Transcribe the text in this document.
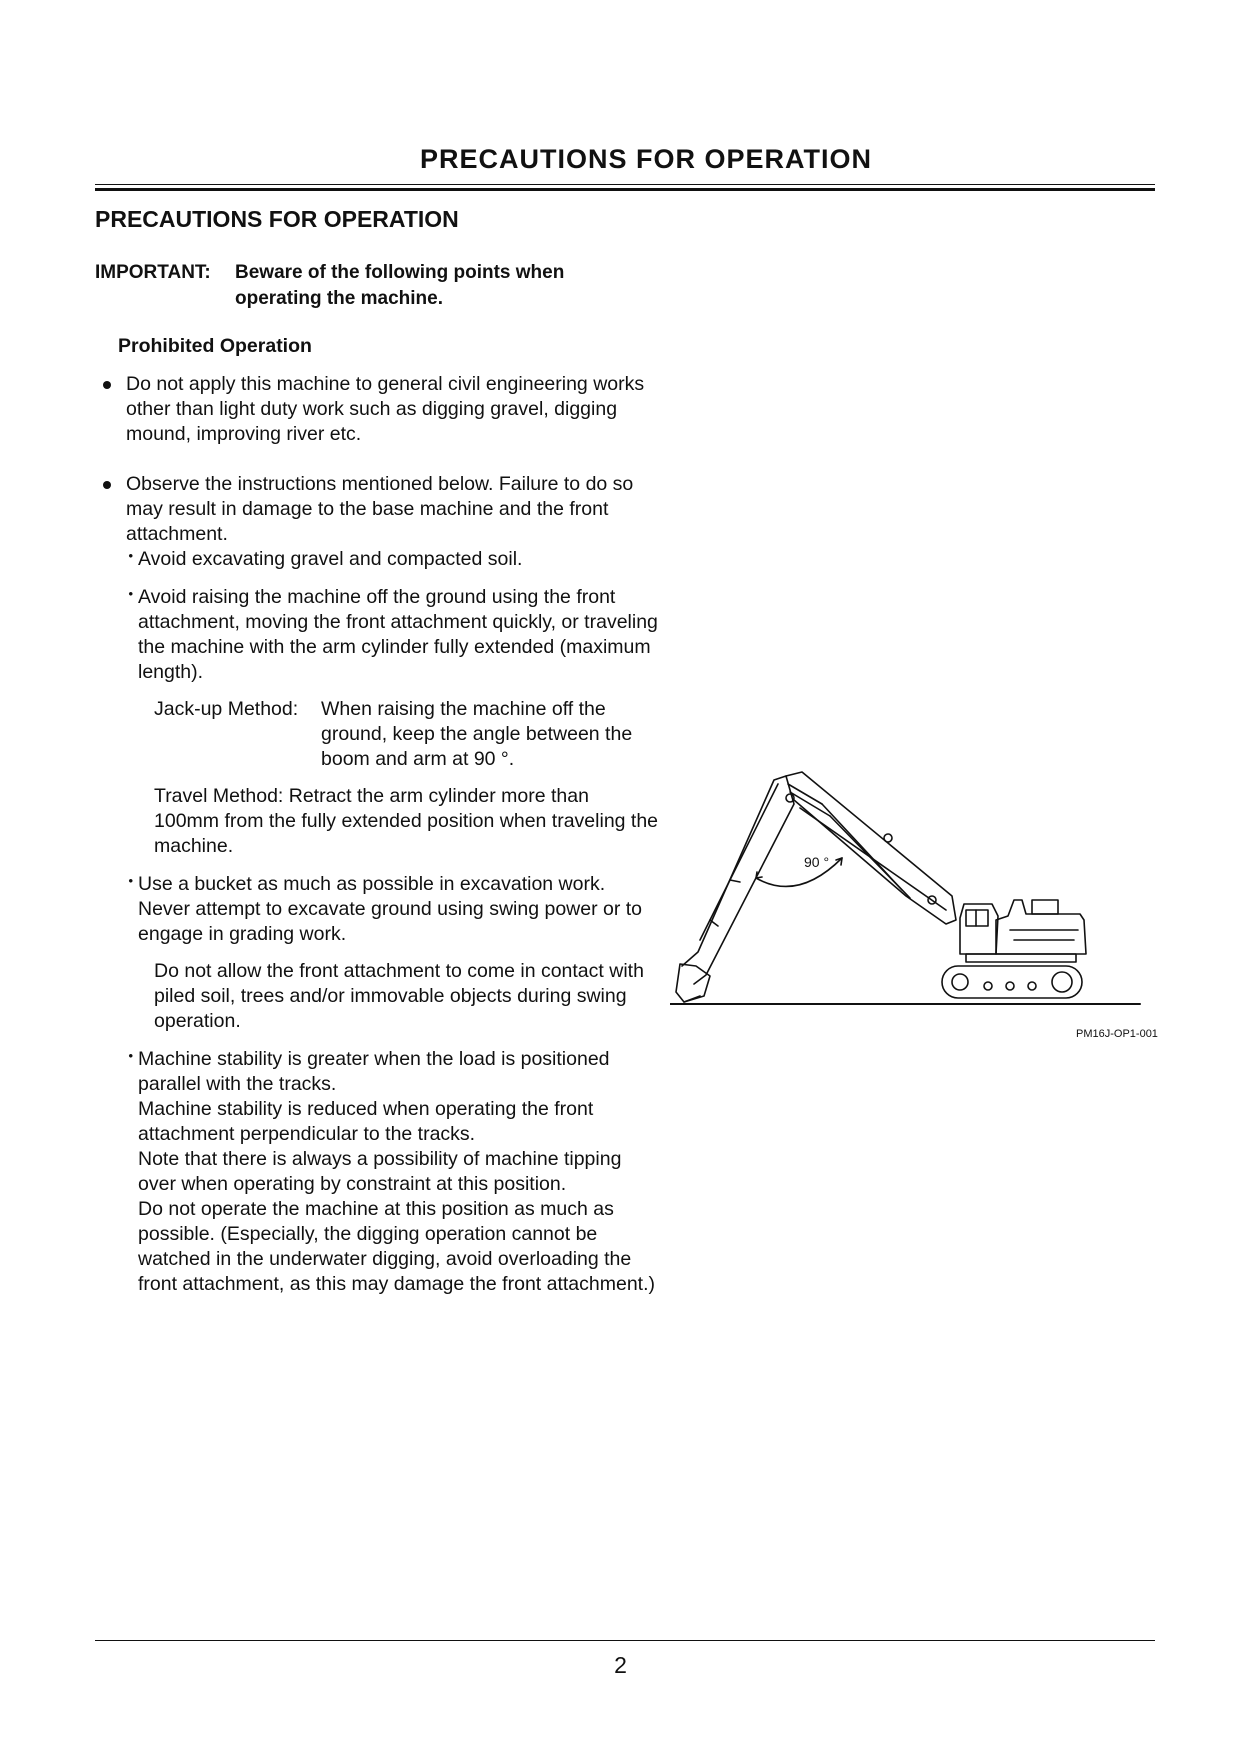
PRECAUTIONS FOR OPERATION
PRECAUTIONS FOR OPERATION
IMPORTANT: Beware of the following points when operating the machine.
Prohibited Operation
Do not apply this machine to general civil engineering works other than light duty work such as digging gravel, digging mound, improving river etc.
Observe the instructions mentioned below. Failure to do so may result in damage to the base machine and the front attachment.
・
Avoid excavating gravel and compacted soil.
・
Avoid raising the machine off the ground using the front attachment, moving the front attachment quickly, or traveling the machine with the arm cylinder fully extended (maximum length).
Jack-up Method: When raising the machine off the ground, keep the angle between the boom and arm at 90 °.
Travel Method: Retract the arm cylinder more than 100mm from the fully extended position when traveling the machine.
・
Use a bucket as much as possible in excavation work. Never attempt to excavate ground using swing power or to engage in grading work.
Do not allow the front attachment to come in contact with piled soil, trees and/or immovable objects during swing operation.
・
Machine stability is greater when the load is positioned parallel with the tracks.
Machine stability is reduced when operating the front attachment perpendicular to the tracks.
Note that there is always a possibility of machine tipping over when operating by constraint at this position.
Do not operate the machine at this position as much as possible. (Especially, the digging operation cannot be watched in the underwater digging, avoid overloading the front attachment, as this may damage the front attachment.)
90 °
PM16J-OP1-001
2
